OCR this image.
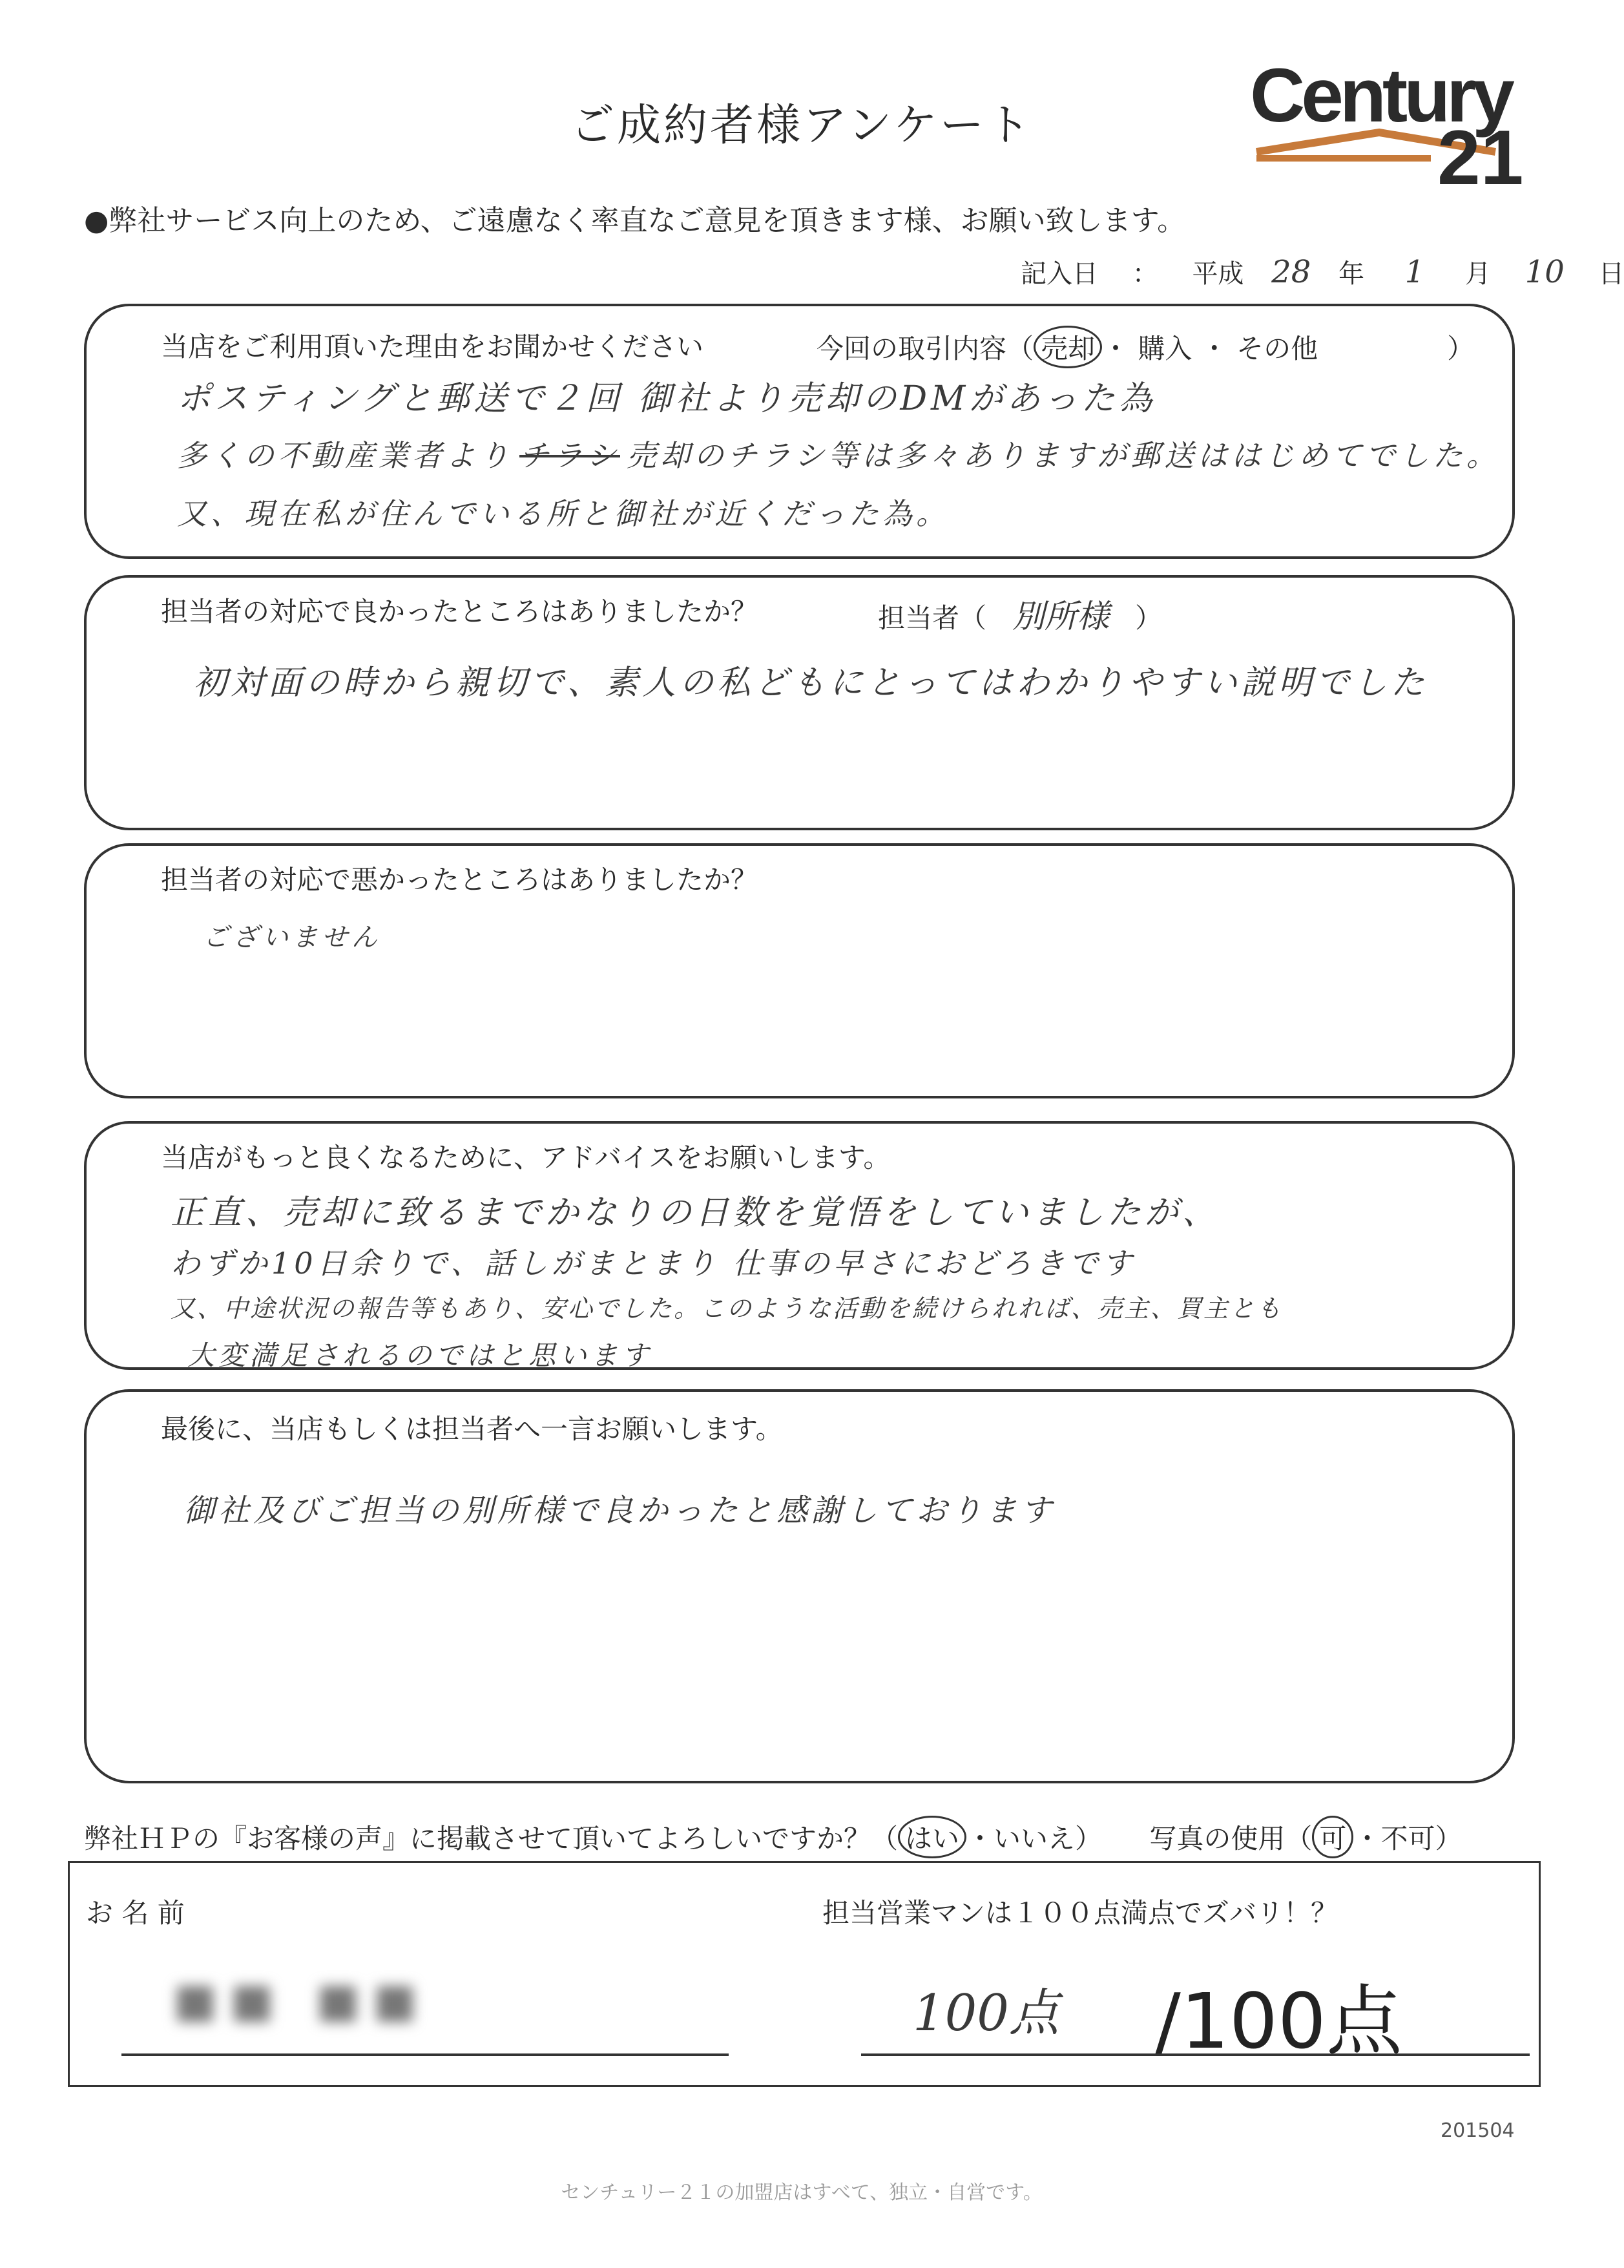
ご成約者様アンケート	Century
21
●弊社サービス向上のため、ご遠慮なく率直なご意見を頂きます様、お願い致します。
記入日 ： 平成 28 年 1 月 10 日
当店をご利用頂いた理由をお聞かせください	今回の取引内容（ 売却 ・ 購入 ・ その他	）
ポスティングと郵送で２回 御社より売却のDMがあった為
多くの不動産業者より チラシ 売却のチラシ等は多々ありますが郵送ははじめてでした。
又、現在私が住んでいる所と御社が近くだった為。
担当者の対応で良かったところはありましたか？	担当者（ 別所様 ）
初対面の時から親切で、素人の私どもにとってはわかりやすい説明でした
担当者の対応で悪かったところはありましたか？
ございません
当店がもっと良くなるために、アドバイスをお願いします。
正直、売却に致るまでかなりの日数を覚悟をしていましたが、
わずか10日余りで、話しがまとまり 仕事の早さにおどろきです
又、中途状況の報告等もあり、安心でした。このような活動を続けられれば、売主、買主とも
大変満足されるのではと思います
最後に、当店もしくは担当者へ一言お願いします。
御社及びご担当の別所様で良かったと感謝しております
弊社ＨＰの『お客様の声』に掲載させて頂いてよろしいですか？（ はい ・いいえ） 写真の使用（ 可 ・不可）
お 名 前
■■ ■■
担当営業マンは１００点満点でズバリ！？
100点 /100点
201504
センチュリー２１の加盟店はすべて、独立・自営です。
